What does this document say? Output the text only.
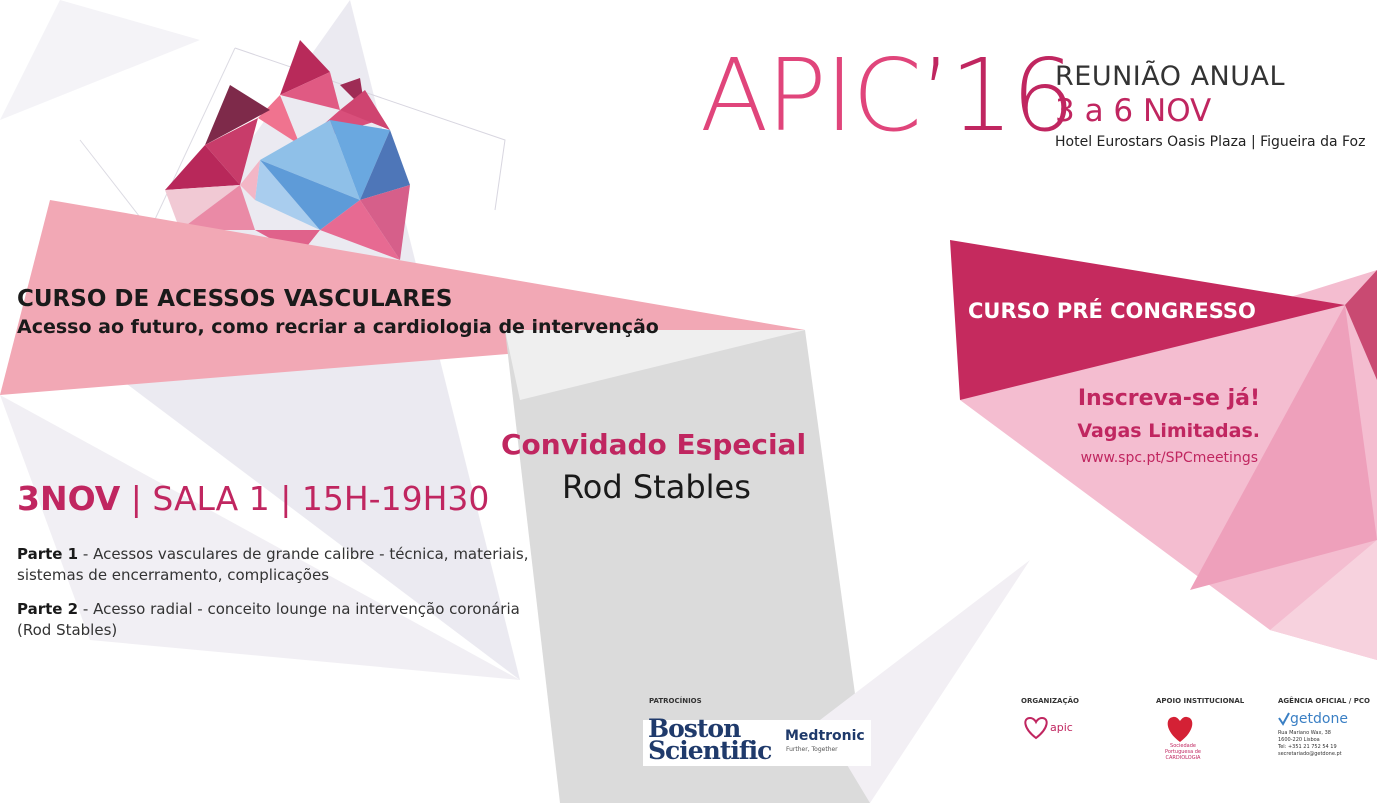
APIC’16
REUNIÃO ANUAL
3 a 6 NOV
Hotel Eurostars Oasis Plaza | Figueira da Foz
CURSO DE ACESSOS VASCULARES
Acesso ao futuro, como recriar a cardiologia de intervenção
CURSO PRÉ CONGRESSO
Inscreva-se já!
Vagas Limitadas.
www.spc.pt/SPCmeetings
Convidado Especial
Rod Stables
3NOV | SALA 1 | 15H-19H30
Parte 1 - Acessos vasculares de grande calibre - técnica, materiais, sistemas de encerramento, complicações
Parte 2 - Acesso radial - conceito lounge na intervenção coronária (Rod Stables)
PATROCÍNIOS
Boston
Scientific Medtronic
Further, Together
ORGANIZAÇÃO
apic
APOIO INSTITUCIONAL
Sociedade Portuguesa de CARDIOLOGIA
AGÊNCIA OFICIAL / PCO
getdone
Rua Mariano Wax, 38
1600-220 Lisboa
Tel: +351 21 752 54 19
secretariado@getdone.pt
